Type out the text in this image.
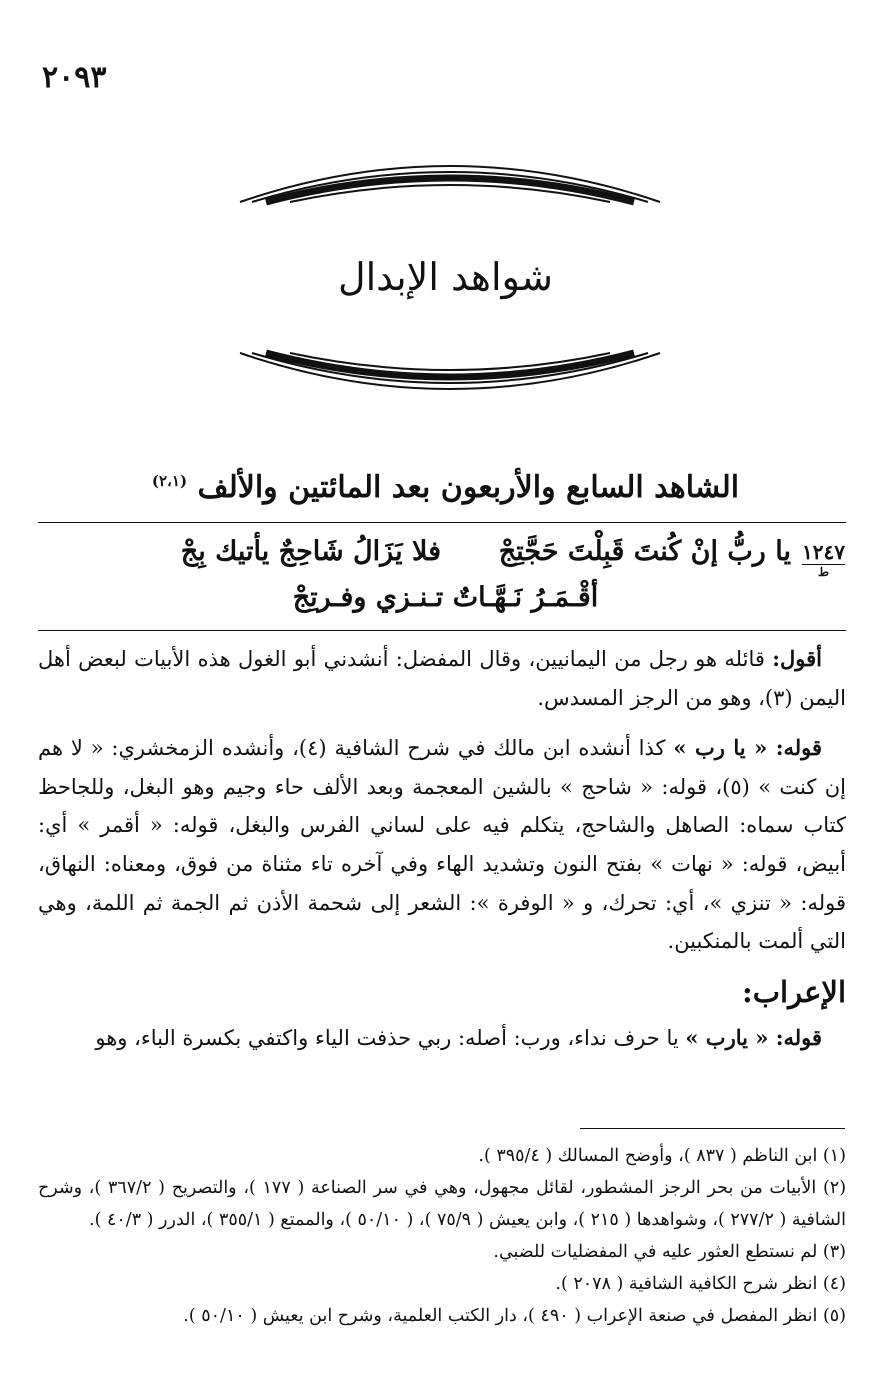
٢٠٩٣
شواهد الإبدال
الشاهد السابع والأربعون بعد المائتين والألف $^{(٢،١)}$
١٢٤٧
ط
يا ربُّ إنْ كُنتَ قَبِلْتَ حَجَّتِجْ
فلا يَزَالُ شَاحِجٌ يأتيك بِجْ
أقْـمَـرُ نَـهَّـاتٌ تـنـزي وفـرتِجْ

أقول: قائله هو رجل من اليمانيين، وقال المفضل: أنشدني أبو الغول هذه الأبيات لبعض أهل اليمن (٣)، وهو من الرجز المسدس.

قوله: « يا رب » كذا أنشده ابن مالك في شرح الشافية (٤)، وأنشده الزمخشري: « لا هم إن كنت » (٥)، قوله: « شاحج » بالشين المعجمة وبعد الألف حاء وجيم وهو البغل، وللجاحظ كتاب سماه: الصاهل والشاحج، يتكلم فيه على لساني الفرس والبغل، قوله: « أقمر » أي: أبيض، قوله: « نهات » بفتح النون وتشديد الهاء وفي آخره تاء مثناة من فوق، ومعناه: النهاق، قوله: « تنزي »، أي: تحرك، و « الوفرة »: الشعر إلى شحمة الأذن ثم الجمة ثم اللمة، وهي التي ألمت بالمنكبين.

الإعراب:

قوله: « يارب » يا حرف نداء، ورب: أصله: ربي حذفت الياء واكتفي بكسرة الباء، وهو

(١) ابن الناظم ( ٨٣٧ )، وأوضح المسالك ( ٣٩٥/٤ ).
(٢) الأبيات من بحر الرجز المشطور، لقائل مجهول، وهي في سر الصناعة ( ١٧٧ )، والتصريح ( ٣٦٧/٢ )، وشرح الشافية ( ٢٧٧/٢ )، وشواهدها ( ٢١٥ )، وابن يعيش ( ٧٥/٩ )، ( ٥٠/١٠ )، والممتع ( ٣٥٥/١ )، الدرر ( ٤٠/٣ ).
(٣) لم نستطع العثور عليه في المفضليات للضبي.
(٤) انظر شرح الكافية الشافية ( ٢٠٧٨ ).
(٥) انظر المفصل في صنعة الإعراب ( ٤٩٠ )، دار الكتب العلمية، وشرح ابن يعيش ( ٥٠/١٠ ).
